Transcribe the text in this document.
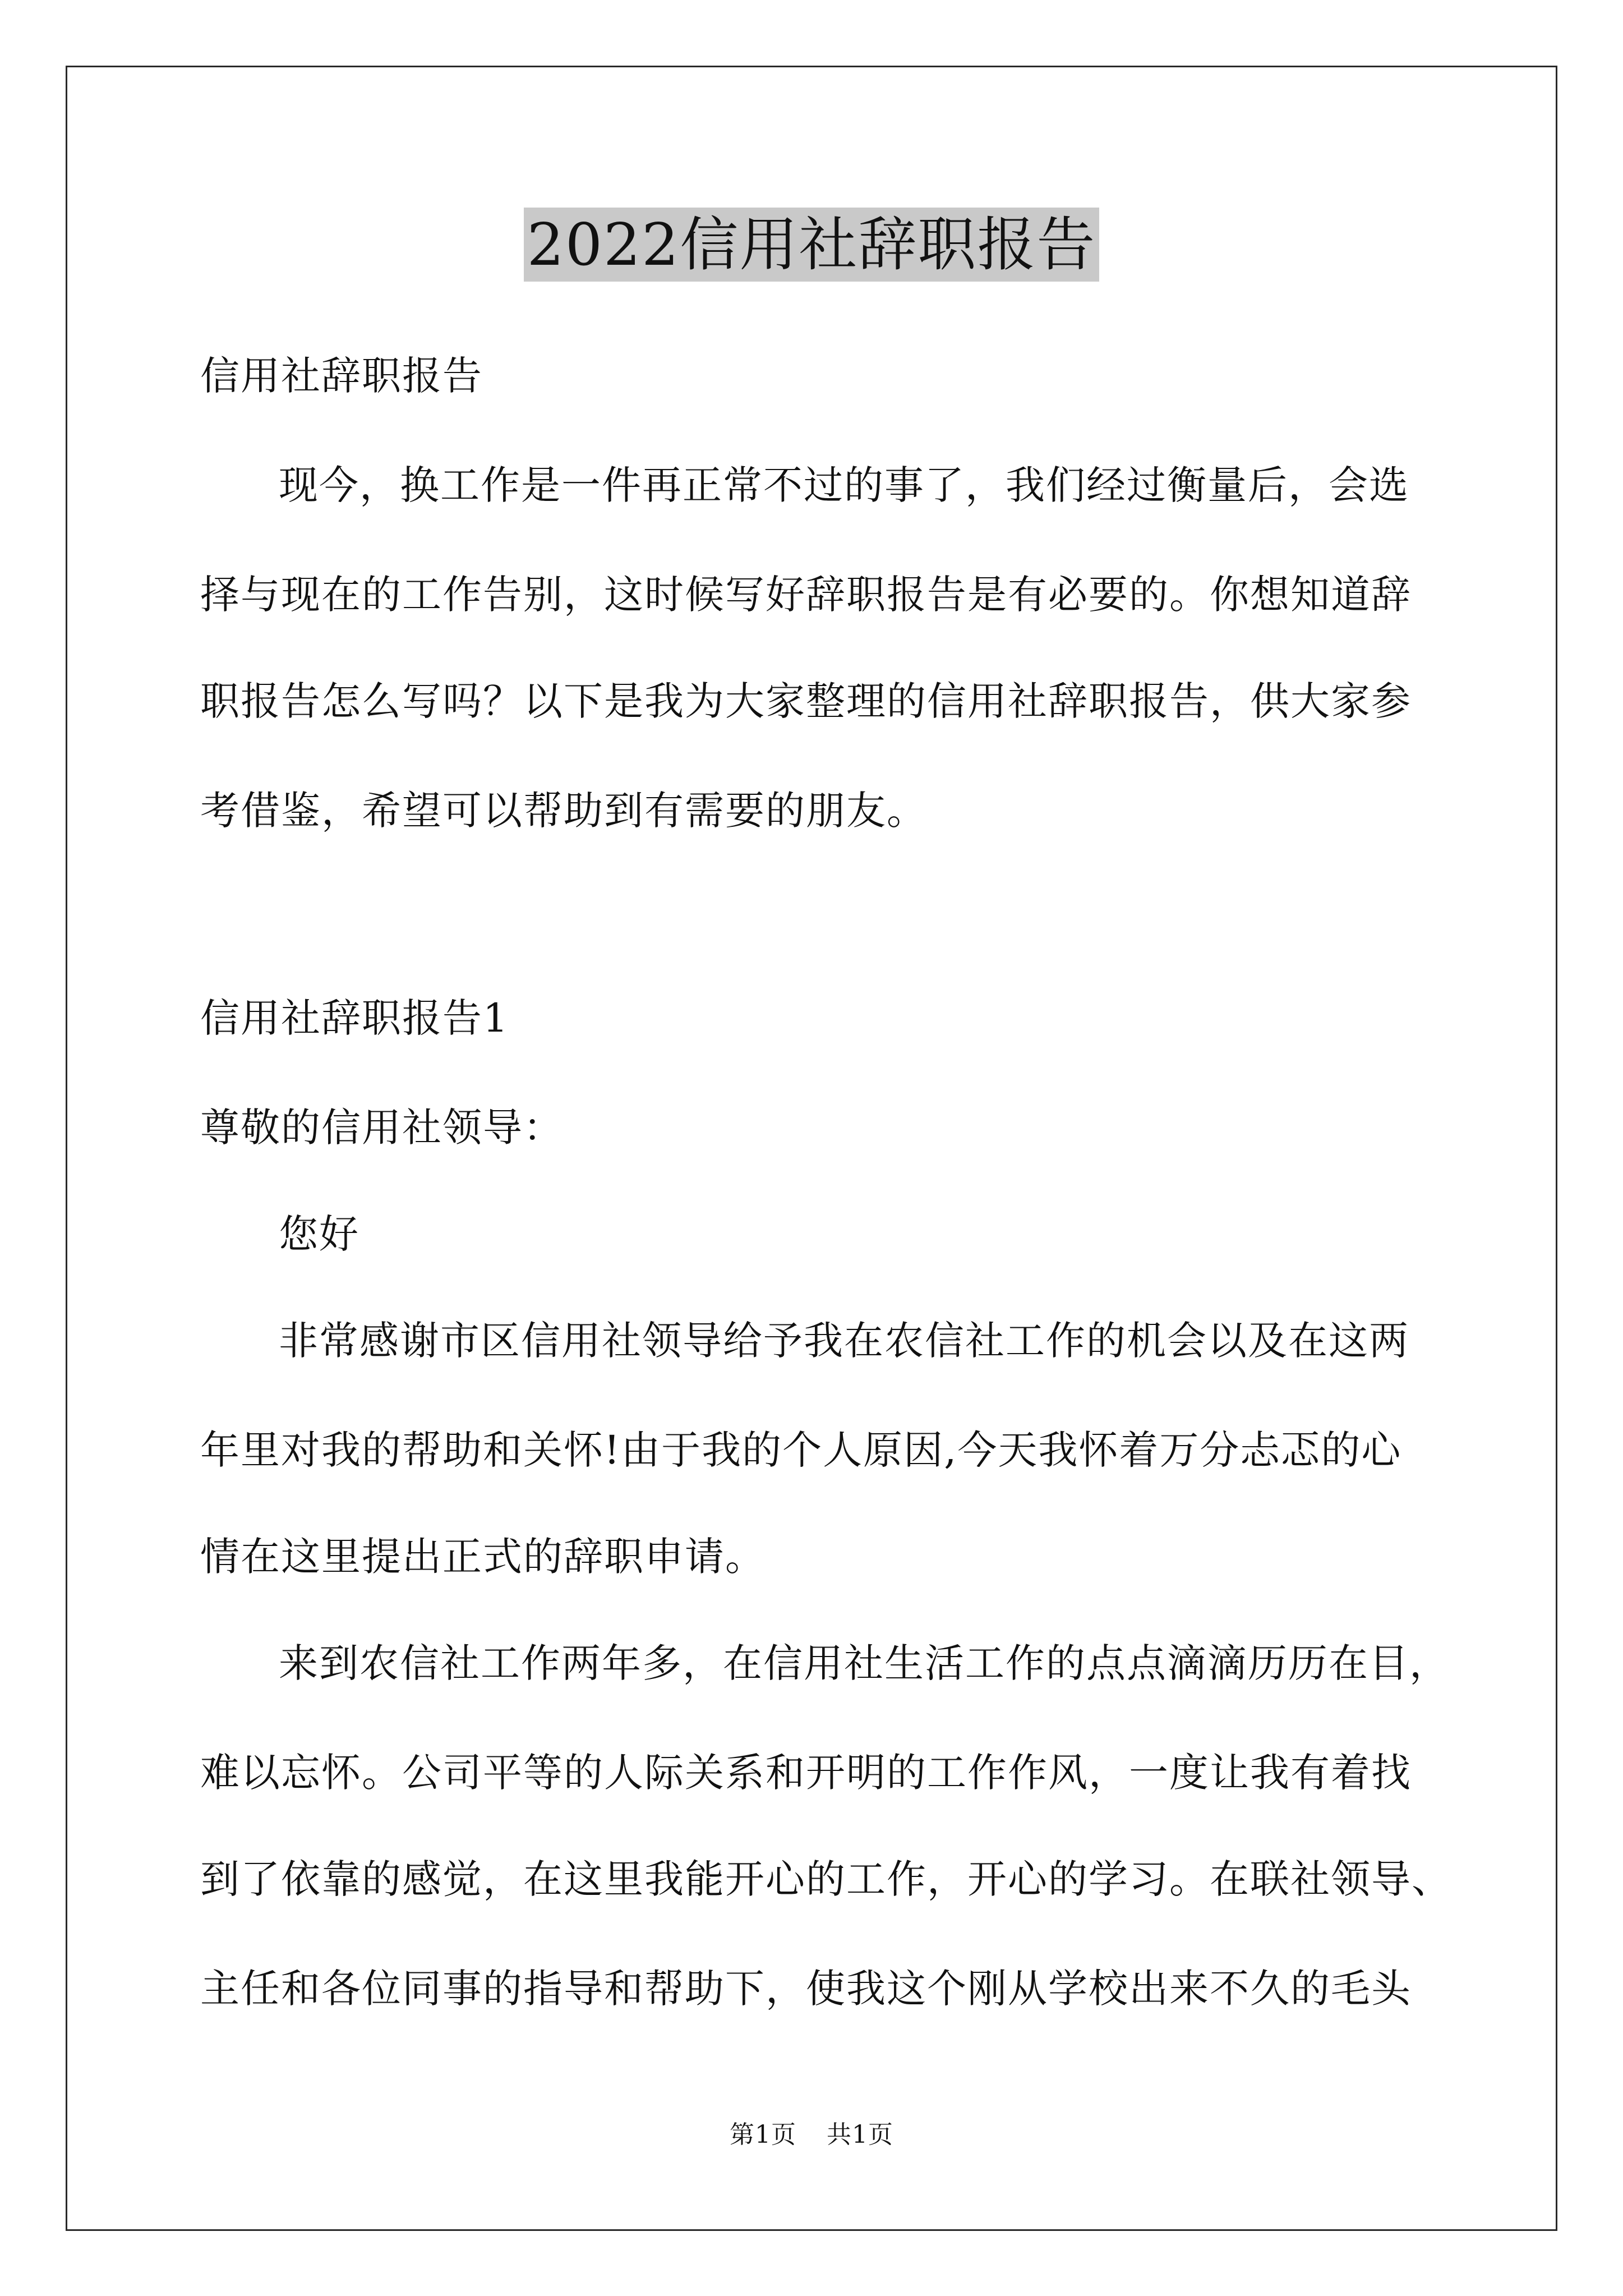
2022信用社辞职报告
信用社辞职报告
现今，换工作是一件再正常不过的事了，我们经过衡量后，会选
择与现在的工作告别，这时候写好辞职报告是有必要的。你想知道辞
职报告怎么写吗？以下是我为大家整理的信用社辞职报告，供大家参
考借鉴，希望可以帮助到有需要的朋友。
信用社辞职报告1
尊敬的信用社领导：
您好
非常感谢市区信用社领导给予我在农信社工作的机会以及在这两
年里对我的帮助和关怀!由于我的个人原因,今天我怀着万分忐忑的心
情在这里提出正式的辞职申请。
来到农信社工作两年多，在信用社生活工作的点点滴滴历历在目，
难以忘怀。公司平等的人际关系和开明的工作作风，一度让我有着找
到了依靠的感觉，在这里我能开心的工作，开心的学习。在联社领导、
主任和各位同事的指导和帮助下，使我这个刚从学校出来不久的毛头
第1页 共1页
